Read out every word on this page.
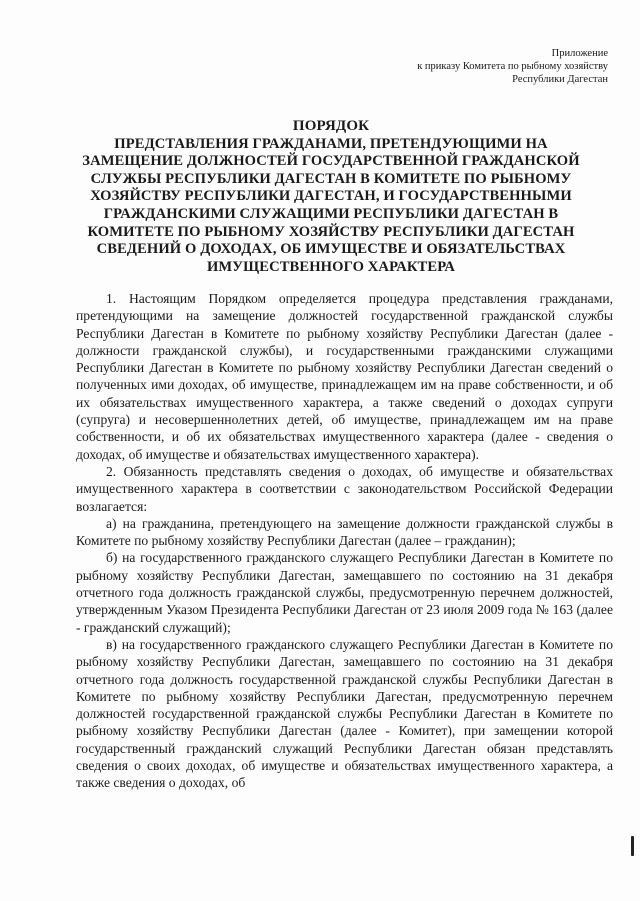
Приложение
к приказу Комитета по рыбному хозяйству
Республики Дагестан
ПОРЯДОК
ПРЕДСТАВЛЕНИЯ ГРАЖДАНАМИ, ПРЕТЕНДУЮЩИМИ НА
ЗАМЕЩЕНИЕ ДОЛЖНОСТЕЙ ГОСУДАРСТВЕННОЙ ГРАЖДАНСКОЙ
СЛУЖБЫ РЕСПУБЛИКИ ДАГЕСТАН В КОМИТЕТЕ ПО РЫБНОМУ
ХОЗЯЙСТВУ РЕСПУБЛИКИ ДАГЕСТАН, И ГОСУДАРСТВЕННЫМИ
ГРАЖДАНСКИМИ СЛУЖАЩИМИ РЕСПУБЛИКИ ДАГЕСТАН В
КОМИТЕТЕ ПО РЫБНОМУ ХОЗЯЙСТВУ РЕСПУБЛИКИ ДАГЕСТАН
СВЕДЕНИЙ О ДОХОДАХ, ОБ ИМУЩЕСТВЕ И ОБЯЗАТЕЛЬСТВАХ
ИМУЩЕСТВЕННОГО ХАРАКТЕРА

1. Настоящим Порядком определяется процедура представления гражданами, претендующими на замещение должностей государственной гражданской службы Республики Дагестан в Комитете по рыбному хозяйству Республики Дагестан (далее - должности гражданской службы), и государственными гражданскими служащими Республики Дагестан в Комитете по рыбному хозяйству Республики Дагестан сведений о полученных ими доходах, об имуществе, принадлежащем им на праве собственности, и об их обязательствах имущественного характера, а также сведений о доходах супруги (супруга) и несовершеннолетних детей, об имуществе, принадлежащем им на праве собственности, и об их обязательствах имущественного характера (далее - сведения о доходах, об имуществе и обязательствах имущественного характера).

2. Обязанность представлять сведения о доходах, об имуществе и обязательствах имущественного характера в соответствии с законодательством Российской Федерации возлагается:

а) на гражданина, претендующего на замещение должности гражданской службы в Комитете по рыбному хозяйству Республики Дагестан (далее – гражданин);

б) на государственного гражданского служащего Республики Дагестан в Комитете по рыбному хозяйству Республики Дагестан, замещавшего по состоянию на 31 декабря отчетного года должность гражданской службы, предусмотренную перечнем должностей, утвержденным Указом Президента Республики Дагестан от 23 июля 2009 года № 163 (далее - гражданский служащий);

в) на государственного гражданского служащего Республики Дагестан в Комитете по рыбному хозяйству Республики Дагестан, замещавшего по состоянию на 31 декабря отчетного года должность государственной гражданской службы Республики Дагестан в Комитете по рыбному хозяйству Республики Дагестан, предусмотренную перечнем должностей государственной гражданской службы Республики Дагестан в Комитете по рыбному хозяйству Республики Дагестан (далее - Комитет), при замещении которой государственный гражданский служащий Республики Дагестан обязан представлять сведения о своих доходах, об имуществе и обязательствах имущественного характера, а также сведения о доходах, об
